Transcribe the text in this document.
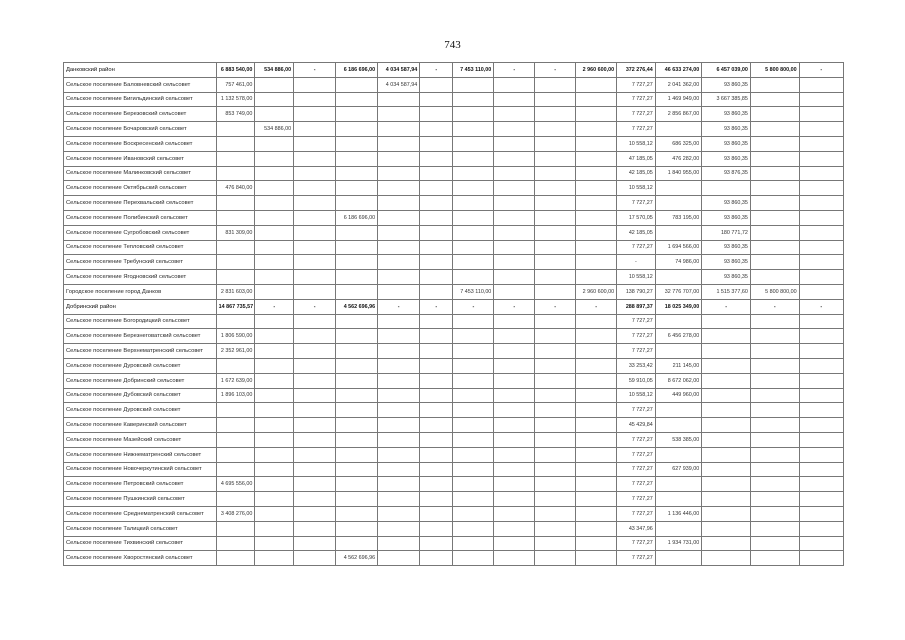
743
Данковский район	6 883 540,00	534 886,00	-	6 186 696,00	4 034 587,94	-	7 453 110,00	-	-	2 960 600,00	372 276,44	46 633 274,00	6 457 039,00	5 800 800,00	-
Сельское поселение Баловневский сельсовет	757 461,00				4 034 587,94						7 727,27	2 041 362,00	93 860,35		
Сельское поселение Бигильдинский сельсовет	1 132 578,00										7 727,27	1 469 949,00	3 667 385,85		
Сельское поселение Березовский сельсовет	853 749,00										7 727,27	2 856 867,00	93 860,35		
Сельское поселение Бочаровский сельсовет		534 886,00									7 727,27		93 860,35		
Сельское поселение Воскресенский сельсовет											10 558,12	686 325,00	93 860,35		
Сельское поселение Ивановский сельсовет											47 185,05	476 282,00	93 860,35		
Сельское поселение Малинковский сельсовет											42 185,05	1 840 955,00	93 876,35		
Сельское поселение Октябрьский сельсовет	476 840,00										10 558,12				
Сельское поселение Перехвальский сельсовет											7 727,27		93 860,35		
Сельское поселение Полибинский сельсовет				6 186 696,00							17 570,05	783 195,00	93 860,35		
Сельское поселение Сугробовский сельсовет	831 309,00										42 185,05		180 771,72		
Сельское поселение Тепловский сельсовет											7 727,27	1 694 566,00	93 860,35		
Сельское поселение Требунский сельсовет											-	74 986,00	93 860,35		
Сельское поселение Ягодновский сельсовет											10 558,12		93 860,35		
Городское поселение город Данков	2 831 603,00						7 453 110,00			2 960 600,00	138 790,27	32 776 707,00	1 515 377,60	5 800 800,00	
Добринский район	14 867 735,57	-	-	4 562 696,96	-	-	-	-	-	-	288 897,37	18 025 349,00	-	-	-
Сельское поселение Богородицкий сельсовет											7 727,27				
Сельское поселение Березнеговатский сельсовет	1 806 590,00										7 727,27	6 456 278,00			
Сельское поселение Верхнематренский сельсовет	2 352 961,00										7 727,27				
Сельское поселение Дуровский сельсовет											33 253,42	211 145,00			
Сельское поселение Добринский сельсовет	1 672 639,00										59 910,05	8 672 062,00			
Сельское поселение Дубовский сельсовет	1 896 103,00										10 558,12	449 960,00			
Сельское поселение Дуровский сельсовет											7 727,27				
Сельское поселение Каверинский сельсовет											45 429,84				
Сельское поселение Мазейский сельсовет											7 727,27	538 385,00			
Сельское поселение Нижнематренский сельсовет											7 727,27				
Сельское поселение Новочеркутинский сельсовет											7 727,27	627 939,00			
Сельское поселение Петровский сельсовет	4 695 556,00										7 727,27				
Сельское поселение Пушкинский сельсовет											7 727,27				
Сельское поселение Среднематренский сельсовет	3 408 276,00										7 727,27	1 136 446,00			
Сельское поселение Талицкий сельсовет											43 347,96				
Сельское поселение Тихвинский сельсовет											7 727,27	1 934 731,00			
Сельское поселение Хворостянский сельсовет				4 562 696,96							7 727,27				
